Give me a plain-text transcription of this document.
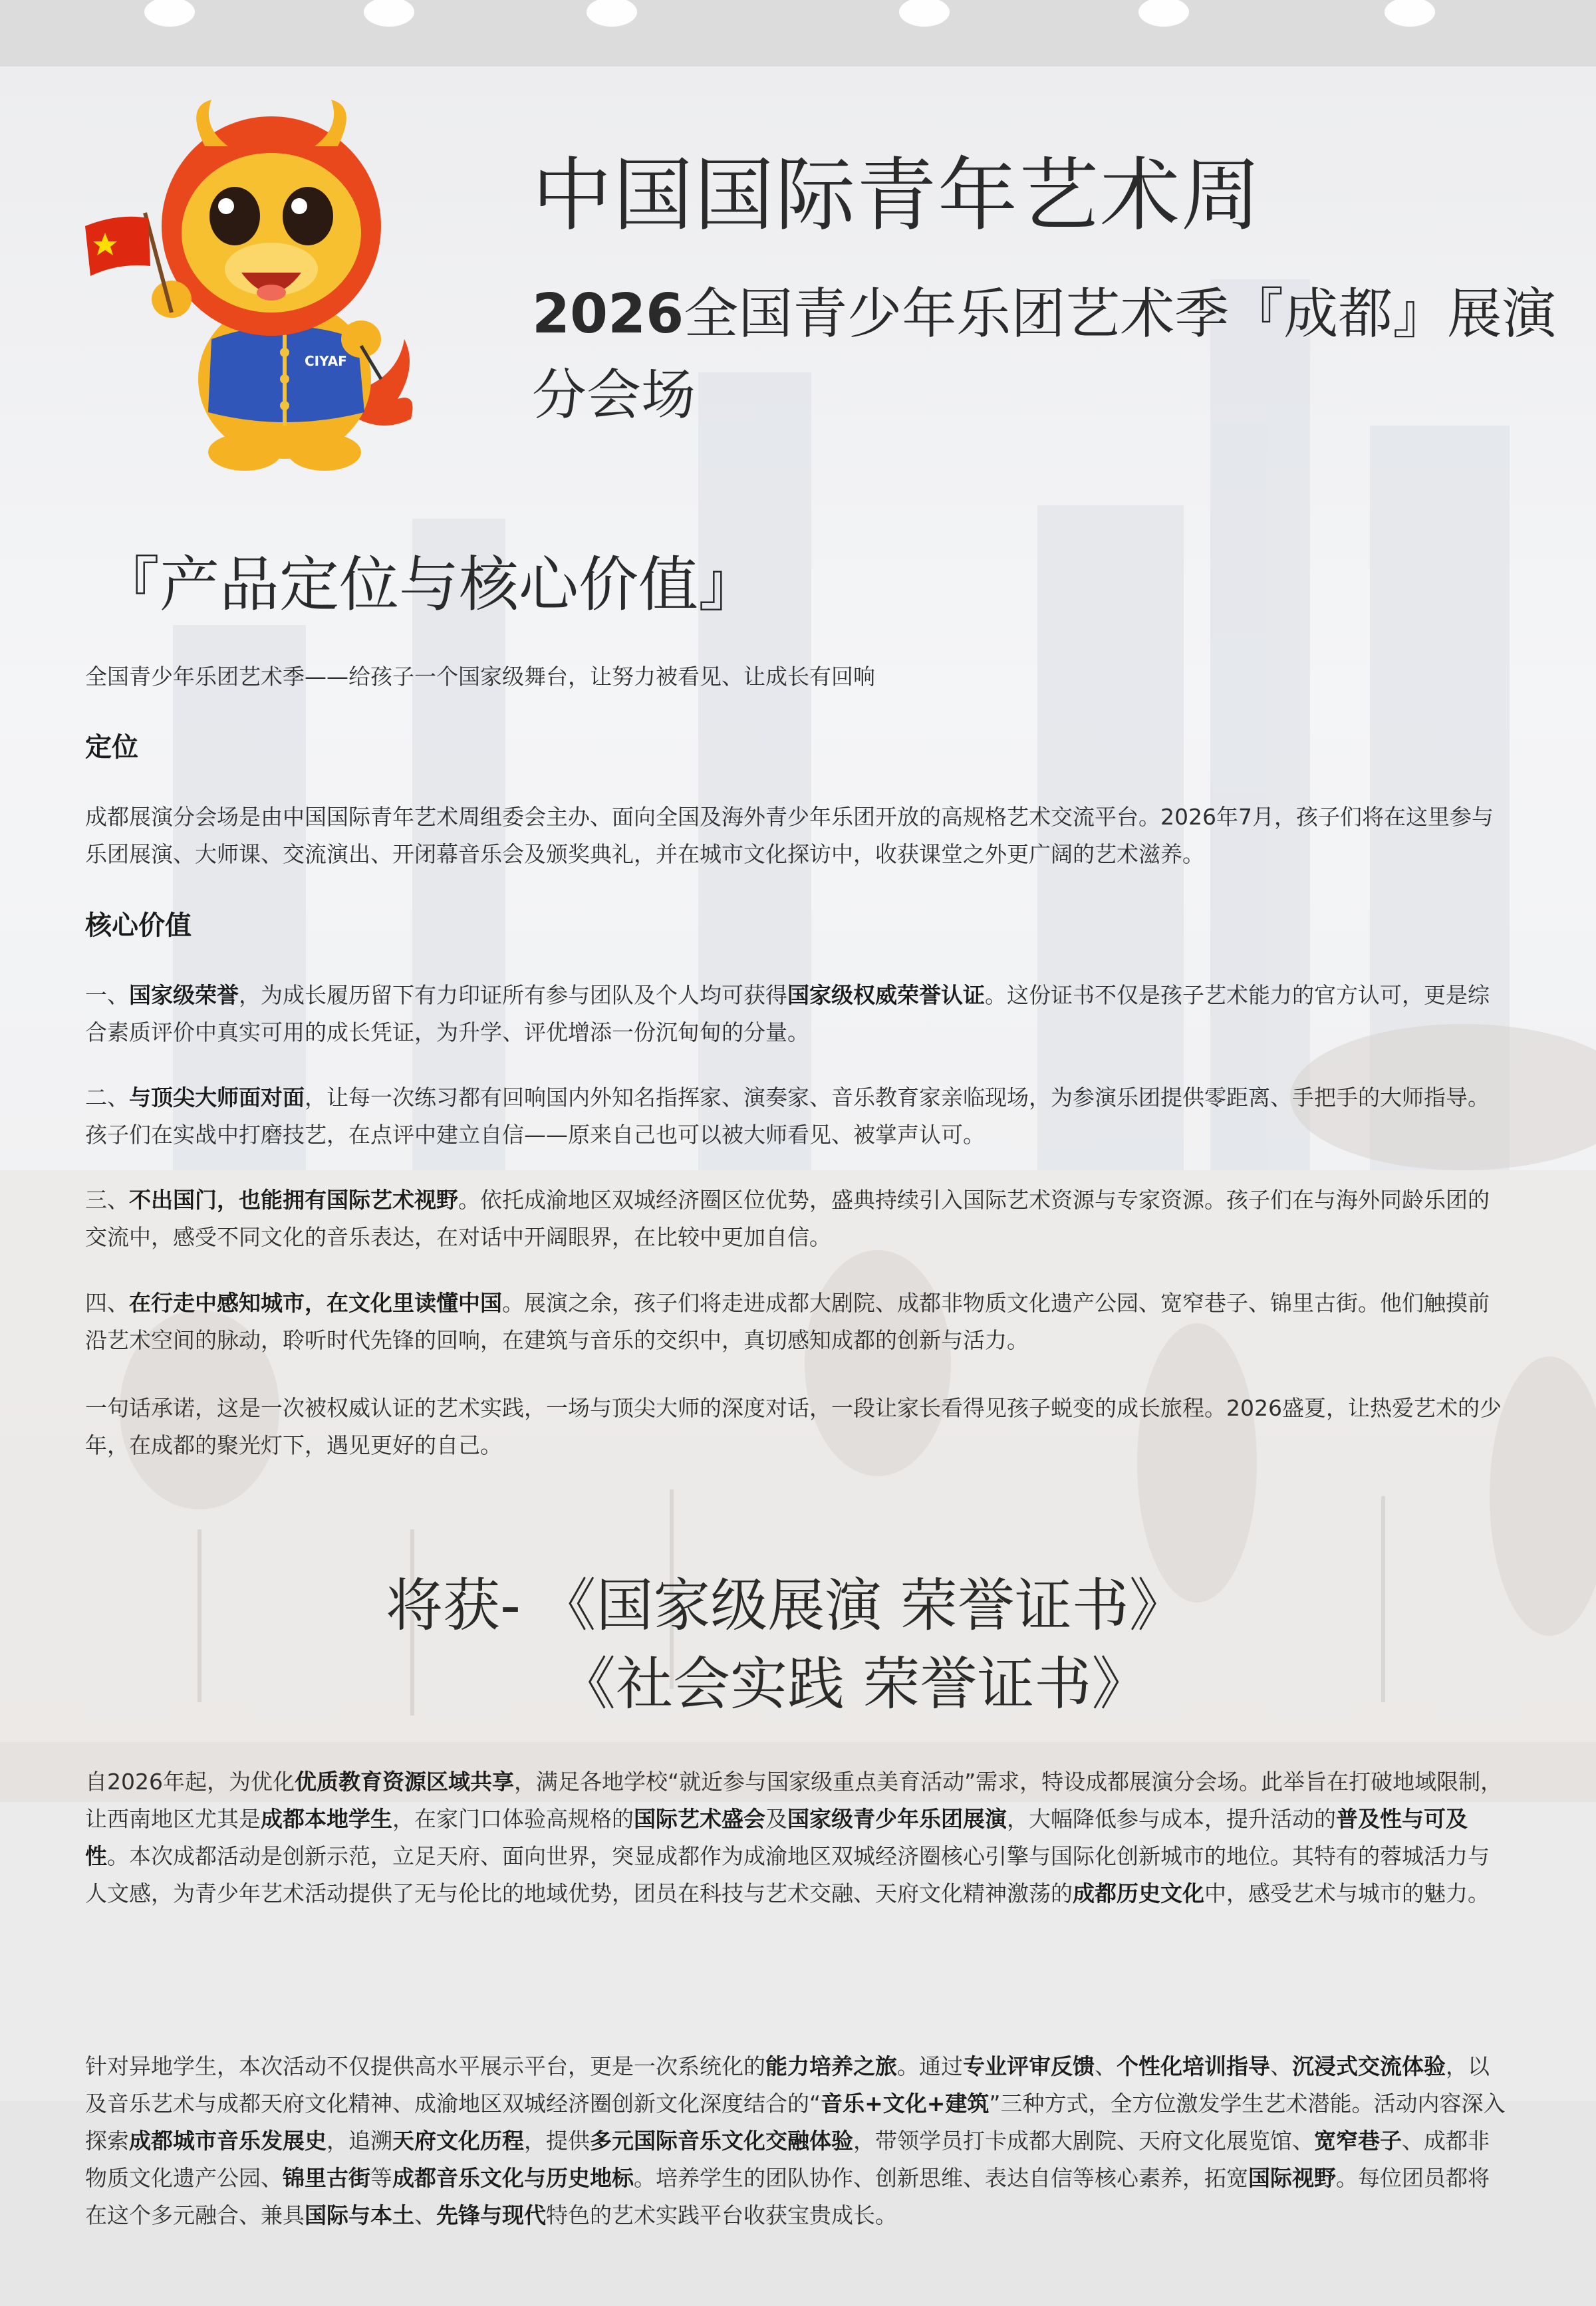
CIYAF
中国国际青年艺术周
2026全国青少年乐团艺术季『成都』展演分会场
『产品定位与核心价值』
全国青少年乐团艺术季——给孩子一个国家级舞台，让努力被看见、让成长有回响
定位
成都展演分会场是由中国国际青年艺术周组委会主办、面向全国及海外青少年乐团开放的高规格艺术交流平台。2026年7月，孩子们将在这里参与乐团展演、大师课、交流演出、开闭幕音乐会及颁奖典礼，并在城市文化探访中，收获课堂之外更广阔的艺术滋养。
核心价值
一、国家级荣誉，为成长履历留下有力印证所有参与团队及个人均可获得国家级权威荣誉认证。这份证书不仅是孩子艺术能力的官方认可，更是综合素质评价中真实可用的成长凭证，为升学、评优增添一份沉甸甸的分量。
二、与顶尖大师面对面，让每一次练习都有回响国内外知名指挥家、演奏家、音乐教育家亲临现场，为参演乐团提供零距离、手把手的大师指导。孩子们在实战中打磨技艺，在点评中建立自信——原来自己也可以被大师看见、被掌声认可。
三、不出国门，也能拥有国际艺术视野。依托成渝地区双城经济圈区位优势，盛典持续引入国际艺术资源与专家资源。孩子们在与海外同龄乐团的交流中，感受不同文化的音乐表达，在对话中开阔眼界，在比较中更加自信。
四、在行走中感知城市，在文化里读懂中国。展演之余，孩子们将走进成都大剧院、成都非物质文化遗产公园、宽窄巷子、锦里古街。他们触摸前沿艺术空间的脉动，聆听时代先锋的回响，在建筑与音乐的交织中，真切感知成都的创新与活力。
一句话承诺，这是一次被权威认证的艺术实践，一场与顶尖大师的深度对话，一段让家长看得见孩子蜕变的成长旅程。2026盛夏，让热爱艺术的少年，在成都的聚光灯下，遇见更好的自己。
将获- 《国家级展演 荣誉证书》
《社会实践 荣誉证书》
自2026年起，为优化优质教育资源区域共享，满足各地学校“就近参与国家级重点美育活动”需求，特设成都展演分会场。此举旨在打破地域限制，让西南地区尤其是成都本地学生，在家门口体验高规格的国际艺术盛会及国家级青少年乐团展演，大幅降低参与成本，提升活动的普及性与可及性。本次成都活动是创新示范，立足天府、面向世界，突显成都作为成渝地区双城经济圈核心引擎与国际化创新城市的地位。其特有的蓉城活力与人文感，为青少年艺术活动提供了无与伦比的地域优势，团员在科技与艺术交融、天府文化精神激荡的成都历史文化中，感受艺术与城市的魅力。
针对异地学生，本次活动不仅提供高水平展示平台，更是一次系统化的能力培养之旅。通过专业评审反馈、个性化培训指导、沉浸式交流体验，以及音乐艺术与成都天府文化精神、成渝地区双城经济圈创新文化深度结合的“音乐+文化+建筑”三种方式，全方位激发学生艺术潜能。活动内容深入探索成都城市音乐发展史，追溯天府文化历程，提供多元国际音乐文化交融体验，带领学员打卡成都大剧院、天府文化展览馆、宽窄巷子、成都非物质文化遗产公园、锦里古街等成都音乐文化与历史地标。培养学生的团队协作、创新思维、表达自信等核心素养，拓宽国际视野。每位团员都将在这个多元融合、兼具国际与本土、先锋与现代特色的艺术实践平台收获宝贵成长。
